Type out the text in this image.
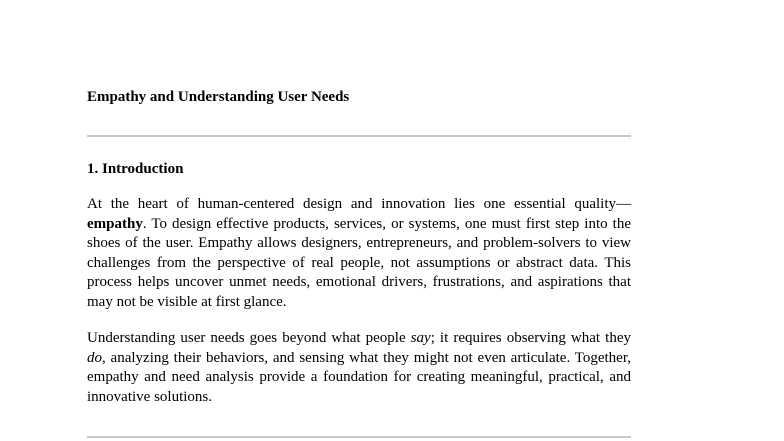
Empathy and Understanding User Needs
1. Introduction

At the heart of human-centered design and innovation lies one essential quality—empathy. To design effective products, services, or systems, one must first step into the shoes of the user. Empathy allows designers, entrepreneurs, and problem-solvers to view challenges from the perspective of real people, not assumptions or abstract data. This process helps uncover unmet needs, emotional drivers, frustrations, and aspirations that may not be visible at first glance.

Understanding user needs goes beyond what people say; it requires observing what they do, analyzing their behaviors, and sensing what they might not even articulate. Together, empathy and need analysis provide a foundation for creating meaningful, practical, and innovative solutions.
